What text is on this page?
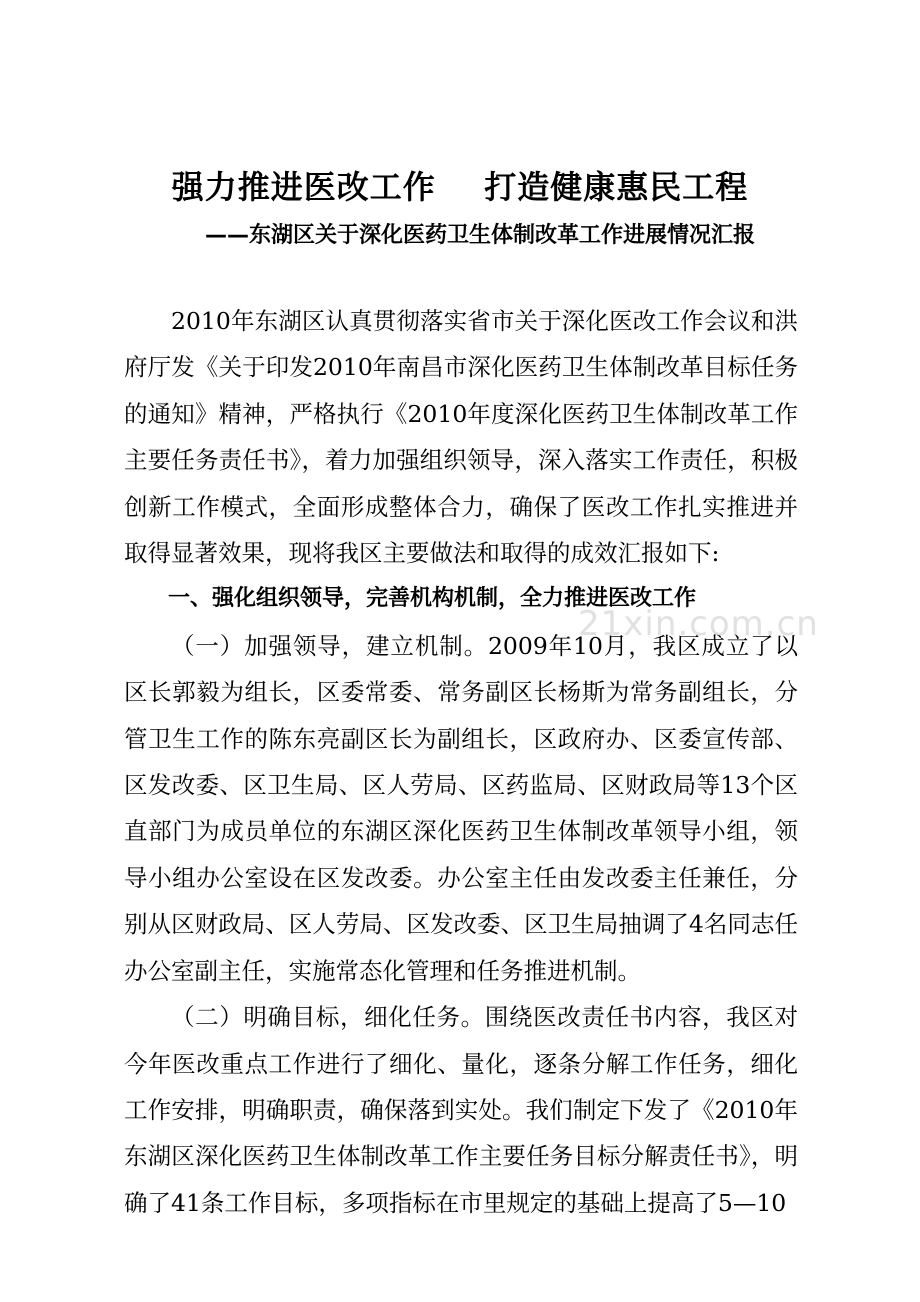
强力推进医改工作    打造健康惠民工程
——东湖区关于深化医药卫生体制改革工作进展情况汇报

2010年东湖区认真贯彻落实省市关于深化医改工作会议和洪府厅发《关于印发2010年南昌市深化医药卫生体制改革目标任务的通知》精神，严格执行《2010年度深化医药卫生体制改革工作主要任务责任书》，着力加强组织领导，深入落实工作责任，积极创新工作模式，全面形成整体合力，确保了医改工作扎实推进并取得显著效果，现将我区主要做法和取得的成效汇报如下:

一、强化组织领导，完善机构机制，全力推进医改工作

（一）加强领导，建立机制。2009年10月，我区成立了以区长郭毅为组长，区委常委、常务副区长杨斯为常务副组长，分管卫生工作的陈东亮副区长为副组长，区政府办、区委宣传部、区发改委、区卫生局、区人劳局、区药监局、区财政局等13个区直部门为成员单位的东湖区深化医药卫生体制改革领导小组，领导小组办公室设在区发改委。办公室主任由发改委主任兼任，分别从区财政局、区人劳局、区发改委、区卫生局抽调了4名同志任办公室副主任，实施常态化管理和任务推进机制。

（二）明确目标，细化任务。围绕医改责任书内容，我区对今年医改重点工作进行了细化、量化，逐条分解工作任务，细化工作安排，明确职责，确保落到实处。我们制定下发了《2010年东湖区深化医药卫生体制改革工作主要任务目标分解责任书》，明确了41条工作目标，多项指标在市里规定的基础上提高了5—10

21xin.com.cn
